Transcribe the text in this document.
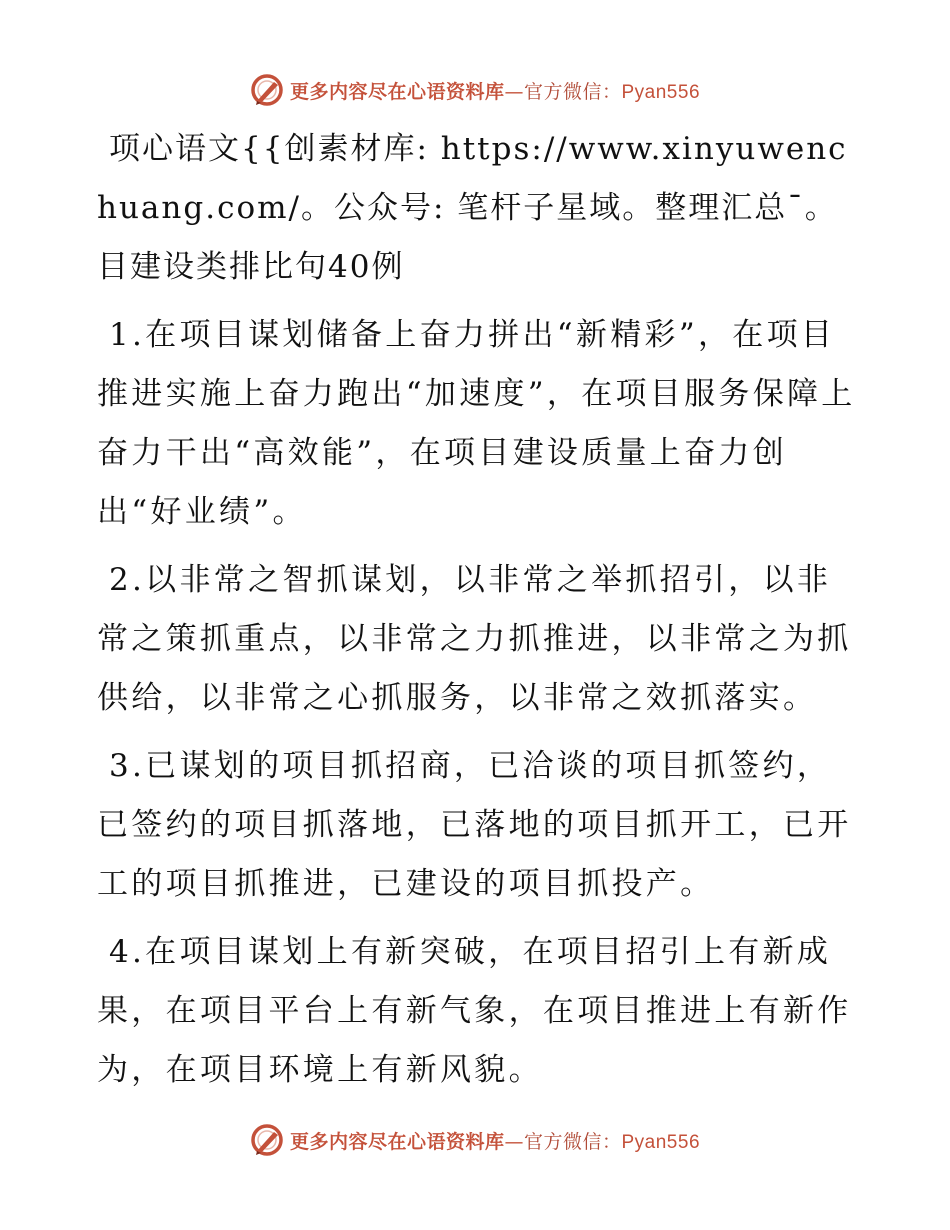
更多内容尽在心语资料库—官方微信：Pyan556

项心语文{{创素材库: https://www.xinyuwenchuang.com/。公众号: 笔杆子星域。整理汇总¯。目建设类排比句40例

1.在项目谋划储备上奋力拼出“新精彩”，在项目推进实施上奋力跑出“加速度”，在项目服务保障上奋力干出“高效能”，在项目建设质量上奋力创出“好业绩”。

2.以非常之智抓谋划，以非常之举抓招引，以非常之策抓重点，以非常之力抓推进，以非常之为抓供给，以非常之心抓服务，以非常之效抓落实。

3.已谋划的项目抓招商，已洽谈的项目抓签约，已签约的项目抓落地，已落地的项目抓开工，已开工的项目抓推进，已建设的项目抓投产。

4.在项目谋划上有新突破，在项目招引上有新成果，在项目平台上有新气象，在项目推进上有新作为，在项目环境上有新风貌。

更多内容尽在心语资料库—官方微信：Pyan556
